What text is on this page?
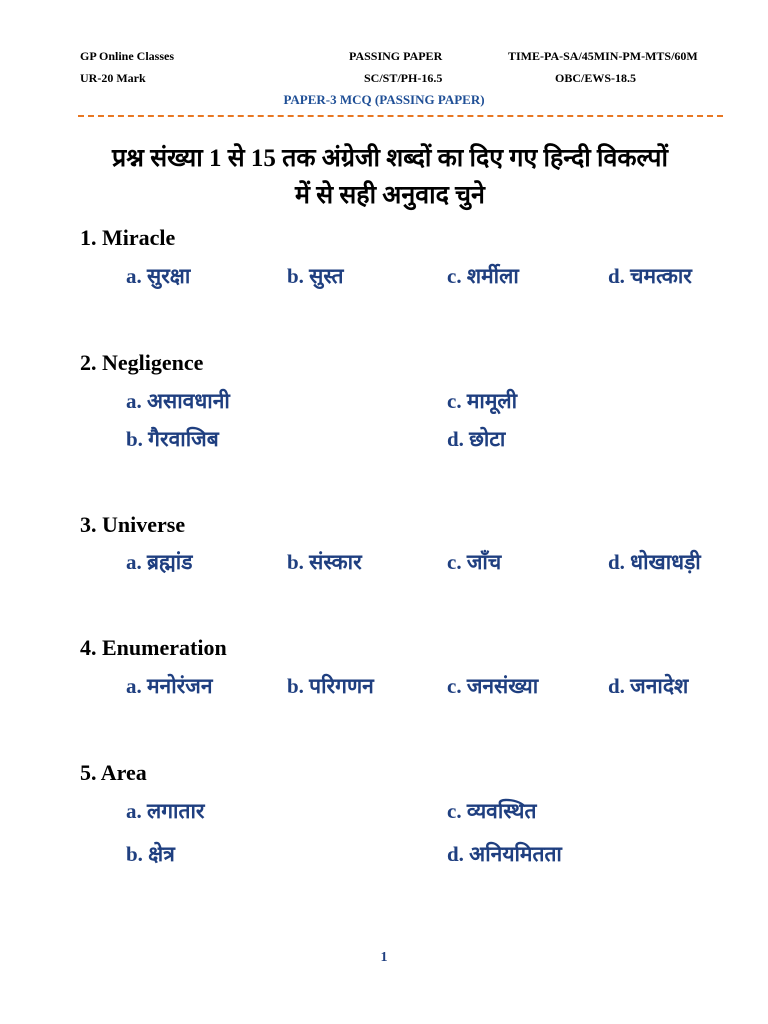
GP Online Classes	PASSING PAPER	TIME-PA-SA/45MIN-PM-MTS/60M
UR-20 Mark	SC/ST/PH-16.5	OBC/EWS-18.5
PAPER-3 MCQ (PASSING PAPER)
प्रश्न संख्या 1 से 15 तक अंग्रेजी शब्दों का दिए गए हिन्दी विकल्पों
में से सही अनुवाद चुने
1. Miracle
a. सुरक्षा	b. सुस्त	c. शर्मीला	d. चमत्कार
2. Negligence
a. असावधानी	c. मामूली
b. गैरवाजिब	d. छोटा
3. Universe
a. ब्रह्मांड	b. संस्कार	c. जाँच	d. धोखाधड़ी
4. Enumeration
a. मनोरंजन	b. परिगणन	c. जनसंख्या	d. जनादेश
5. Area
a. लगातार	c. व्यवस्थित
b. क्षेत्र	d. अनियमितता
1
